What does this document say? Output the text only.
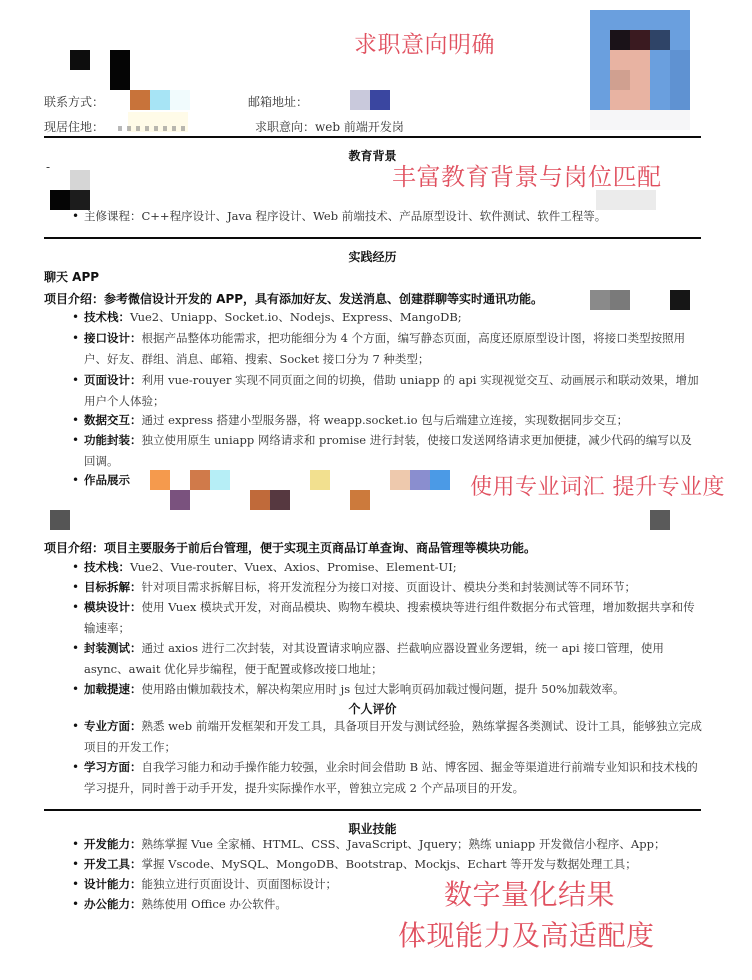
联系方式：	邮箱地址：
现居住地：	求职意向： web 前端开发岗
求职意向明确
教育背景
-	丰富教育背景与岗位匹配
• 主修课程：C++程序设计、Java 程序设计、Web 前端技术、产品原型设计、软件测试、软件工程等。
实践经历
聊天 APP
项目介绍：参考微信设计开发的 APP，具有添加好友、发送消息、创建群聊等实时通讯功能。
• 技术栈：Vue2、Uniapp、Socket.io、Nodejs、Express、MangoDB;
• 接口设计：根据产品整体功能需求，把功能细分为 4 个方面，编写静态页面，高度还原原型设计图，将接口类型按照用户、好友、群组、消息、邮箱、搜索、Socket 接口分为 7 种类型；
• 页面设计：利用 vue-rouyer 实现不同页面之间的切换，借助 uniapp 的 api 实现视觉交互、动画展示和联动效果，增加用户个人体验；
• 数据交互：通过 express 搭建小型服务器，将 weapp.socket.io 包与后端建立连接，实现数据同步交互；
• 功能封装：独立使用原生 uniapp 网络请求和 promise 进行封装，使接口发送网络请求更加便捷，减少代码的编写以及回调。
• 作品展示	使用专业词汇 提升专业度
项目介绍：项目主要服务于前后台管理，便于实现主页商品订单查询、商品管理等模块功能。
• 技术栈：Vue2、Vue-router、Vuex、Axios、Promise、Element-UI;
• 目标拆解：针对项目需求拆解目标，将开发流程分为接口对接、页面设计、模块分类和封装测试等不同环节；
• 模块设计：使用 Vuex 模块式开发，对商品模块、购物车模块、搜索模块等进行组件数据分布式管理，增加数据共享和传输速率；
• 封装测试：通过 axios 进行二次封装，对其设置请求响应器、拦截响应器设置业务逻辑，统一 api 接口管理，使用 async、await 优化异步编程，便于配置或修改接口地址；
• 加载提速：使用路由懒加载技术，解决构架应用时 js 包过大影响页码加载过慢问题，提升 50%加载效率。
个人评价
• 专业方面：熟悉 web 前端开发框架和开发工具，具备项目开发与测试经验，熟练掌握各类测试、设计工具，能够独立完成项目的开发工作；
• 学习方面：自我学习能力和动手操作能力较强，业余时间会借助 B 站、博客园、掘金等渠道进行前端专业知识和技术栈的学习提升，同时善于动手开发，提升实际操作水平，曾独立完成 2 个产品项目的开发。
职业技能
• 开发能力：熟练掌握 Vue 全家桶、HTML、CSS、JavaScript、Jquery；熟练 uniapp 开发微信小程序、App；
• 开发工具：掌握 Vscode、MySQL、MongoDB、Bootstrap、Mockjs、Echart 等开发与数据处理工具；
• 设计能力：能独立进行页面设计、页面图标设计；
• 办公能力：熟练使用 Office 办公软件。	数字量化结果
体现能力及高适配度
